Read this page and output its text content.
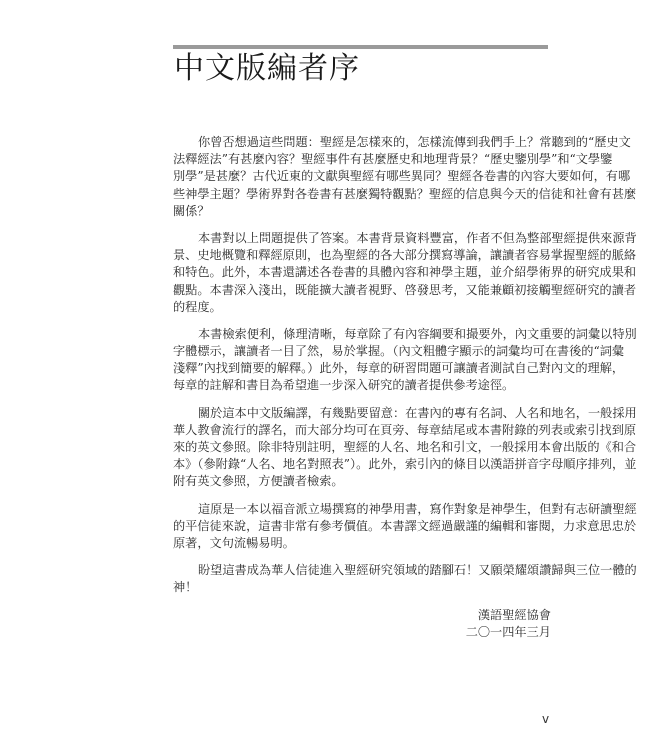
中文版編者序
你曾否想過這些問題：聖經是怎樣來的，怎樣流傳到我們手上？常聽到的“歷史文
法釋經法”有甚麼內容？聖經事件有甚麼歷史和地理背景？“歷史鑒別學”和“文學鑒
別學”是甚麼？古代近東的文獻與聖經有哪些異同？聖經各卷書的內容大要如何，有哪
些神學主題？學術界對各卷書有甚麼獨特觀點？聖經的信息與今天的信徒和社會有甚麼
關係？
本書對以上問題提供了答案。本書背景資料豐富，作者不但為整部聖經提供來源背
景、史地概覽和釋經原則，也為聖經的各大部分撰寫導論，讓讀者容易掌握聖經的脈絡
和特色。此外，本書還講述各卷書的具體內容和神學主題，並介紹學術界的研究成果和
觀點。本書深入淺出，既能擴大讀者視野、啓發思考，又能兼顧初接觸聖經研究的讀者
的程度。
本書檢索便利，條理清晰，每章除了有內容綱要和撮要外，內文重要的詞彙以特別
字體標示，讓讀者一目了然，易於掌握。（內文粗體字顯示的詞彙均可在書後的“詞彙
淺釋”內找到簡要的解釋。）此外，每章的研習問題可讓讀者測試自己對內文的理解，
每章的註解和書目為希望進一步深入研究的讀者提供參考途徑。
關於這本中文版編譯，有幾點要留意：在書內的專有名詞、人名和地名，一般採用
華人教會流行的譯名，而大部分均可在頁旁、每章結尾或本書附錄的列表或索引找到原
來的英文參照。除非特別註明，聖經的人名、地名和引文，一般採用本會出版的《和合
本》（參附錄“人名、地名對照表”）。此外，索引內的條目以漢語拼音字母順序排列，並
附有英文參照，方便讀者檢索。
這原是一本以福音派立場撰寫的神學用書，寫作對象是神學生，但對有志研讀聖經
的平信徒來說，這書非常有參考價值。本書譯文經過嚴謹的編輯和審閱，力求意思忠於
原著，文句流暢易明。
盼望這書成為華人信徒進入聖經研究領域的踏腳石！又願榮耀頌讚歸與三位一體的
神！
漢語聖經協會
二〇一四年三月
v
